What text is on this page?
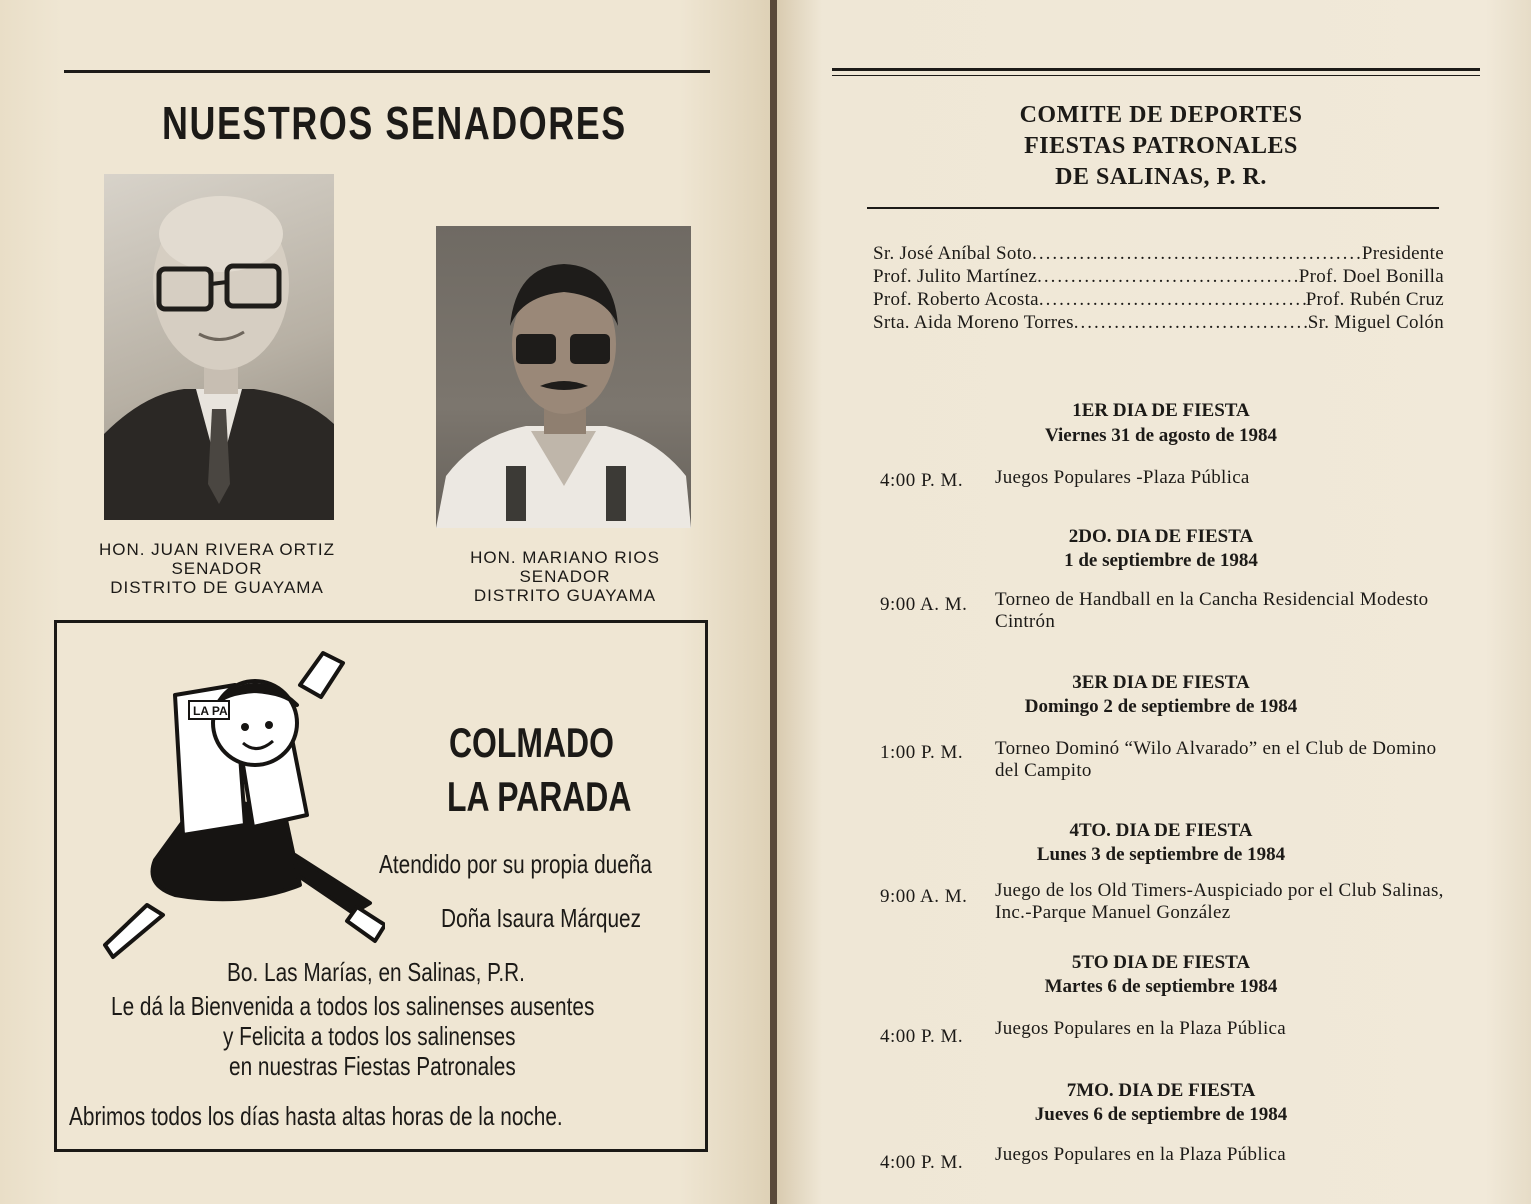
NUESTROS SENADORES
HON. JUAN RIVERA ORTIZ
SENADOR
DISTRITO DE GUAYAMA
HON. MARIANO RIOS
SENADOR
DISTRITO GUAYAMA
LA PA
COLMADO
LA PARADA
Atendido por su propia dueña
Doña Isaura Márquez
Bo. Las Marías, en Salinas, P.R.
Le dá la Bienvenida a todos los salinenses ausentes
y Felicita a todos los salinenses
en nuestras Fiestas Patronales
Abrimos todos los días hasta altas horas de la noche.
COMITE DE DEPORTES
FIESTAS PATRONALES
DE SALINAS, P. R.
Sr. José Aníbal Soto .....	Presidente
Prof. Julito Martínez .....	Prof. Doel Bonilla
Prof. Roberto Acosta .....	Prof. Rubén Cruz
Srta. Aida Moreno Torres .....	Sr. Miguel Colón
1ER DIA DE FIESTA
Viernes 31 de agosto de 1984
4:00 P. M. Juegos Populares -Plaza Pública
2DO. DIA DE FIESTA
1 de septiembre de 1984
9:00 A. M. Torneo de Handball en la Cancha Residencial Modesto Cintrón
3ER DIA DE FIESTA
Domingo 2 de septiembre de 1984
1:00 P. M. Torneo Dominó “Wilo Alvarado” en el Club de Domino del Campito
4TO. DIA DE FIESTA
Lunes 3 de septiembre de 1984
9:00 A. M. Juego de los Old Timers-Auspiciado por el Club Salinas, Inc.-Parque Manuel González
5TO DIA DE FIESTA
Martes 6 de septiembre 1984
4:00 P. M. Juegos Populares en la Plaza Pública
7MO. DIA DE FIESTA
Jueves 6 de septiembre de 1984
4:00 P. M. Juegos Populares en la Plaza Pública
